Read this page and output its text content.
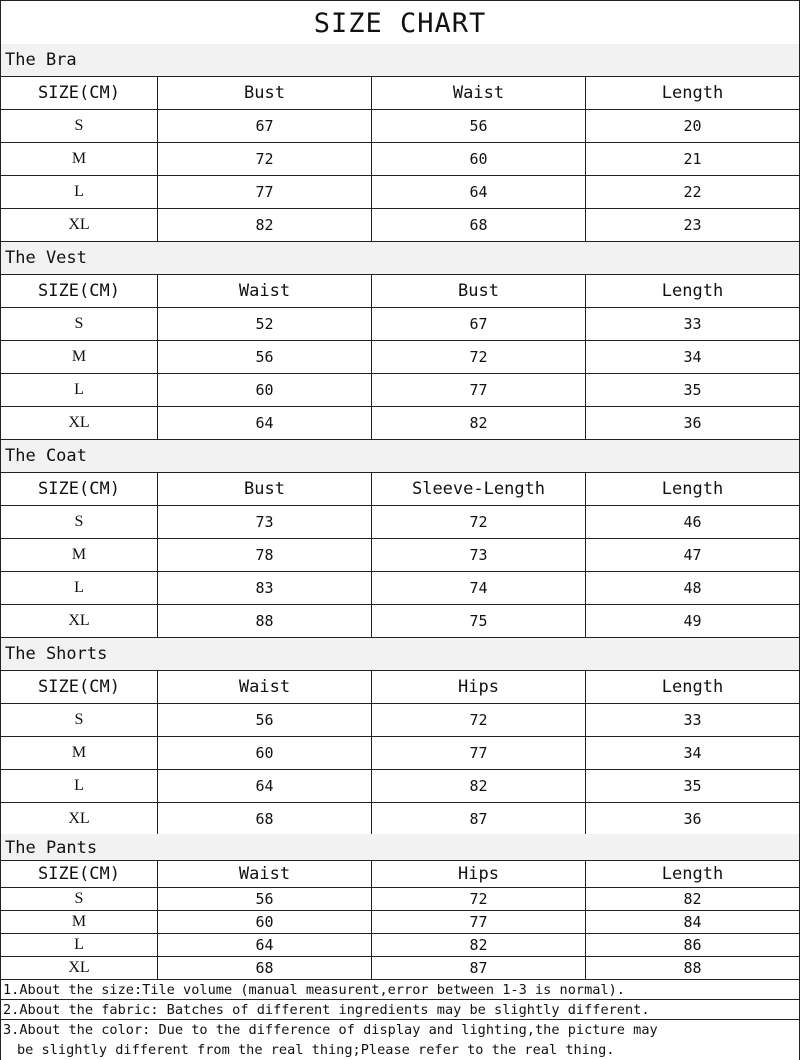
SIZE CHART
The Bra
SIZE(CM)	Bust	Waist	Length
S	67	56	20
M	72	60	21
L	77	64	22
XL	82	68	23
The Vest
SIZE(CM)	Waist	Bust	Length
S	52	67	33
M	56	72	34
L	60	77	35
XL	64	82	36
The Coat
SIZE(CM)	Bust	Sleeve-Length	Length
S	73	72	46
M	78	73	47
L	83	74	48
XL	88	75	49
The Shorts
SIZE(CM)	Waist	Hips	Length
S	56	72	33
M	60	77	34
L	64	82	35
XL	68	87	36
The Pants
SIZE(CM)	Waist	Hips	Length
S	56	72	82
M	60	77	84
L	64	82	86
XL	68	87	88
1.About the size:Tile volume (manual measurent,error between 1-3 is normal).
2.About the fabric: Batches of different ingredients may be slightly different.
3.About the color: Due to the difference of display and lighting,the picture may
be slightly different from the real thing;Please refer to the real thing.
